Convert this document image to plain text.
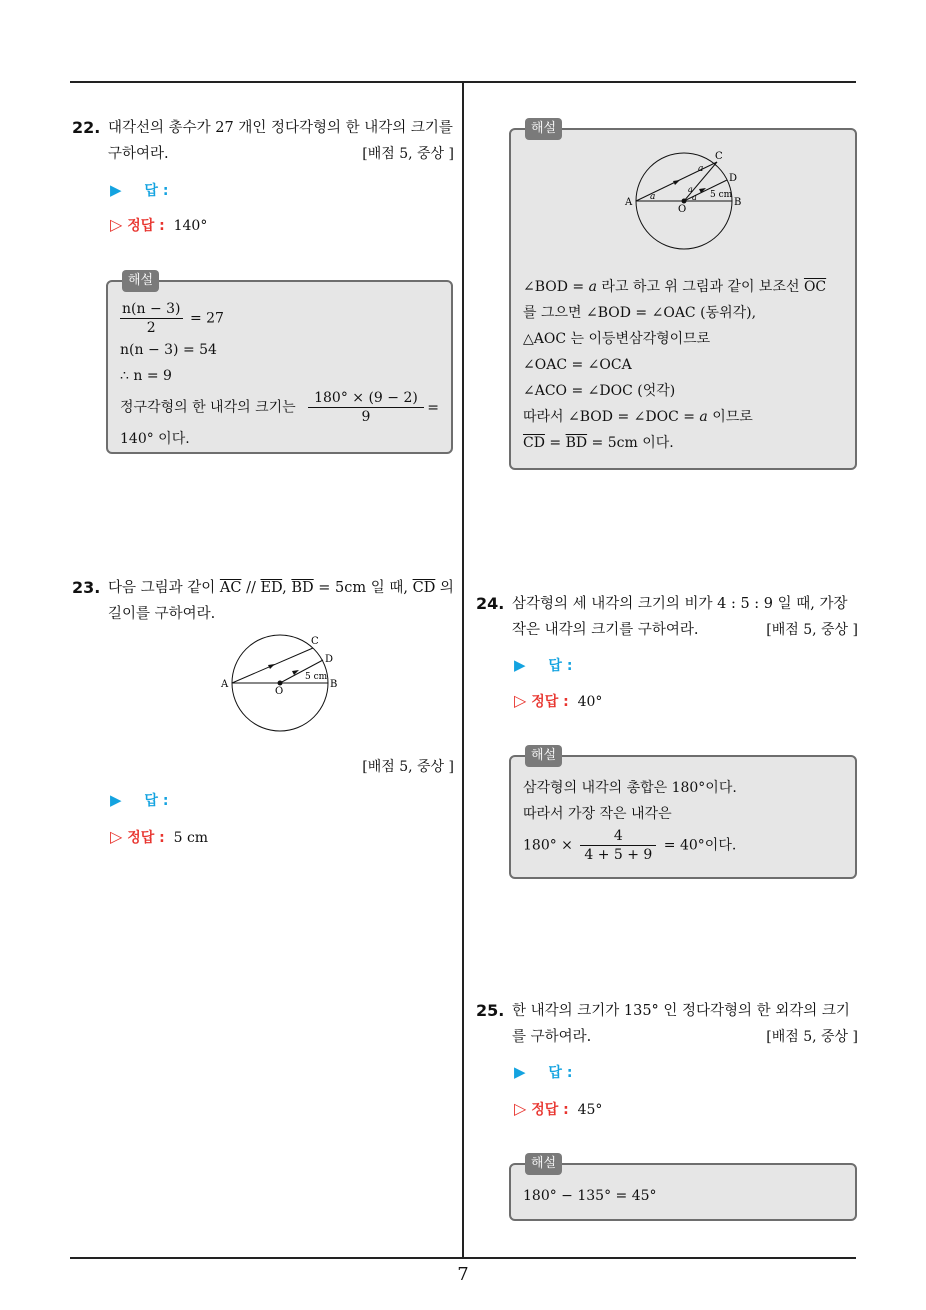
22. 대각선의 총수가 27 개인 정다각형의 한 내각의 크기를 구하여라.	[배점 5, 중상 ]
▶ 답 :
▷ 정답 : 140°
해설
$\frac{n(n - 3)}{2} = 27$
n(n − 3) = 54
∴ n = 9
정구각형의 한 내각의 크기는 $\frac{180^\circ \times (9 - 2)}{9}$ =
140° 이다.
23. 다음 그림과 같이 $\overline{AC} // \overline{ED}$, $\overline{BD} = 5cm$ 일 때, $\overline{CD}$ 의 길이를 구하여라.
A	B
C
D
O
5 cm
[배점 5, 중상 ]
▶ 답 :
▷ 정답 : 5 cm
해설
A	B
C
D
O
5 cm
a
a
a
a
∠BOD = a 라고 하고 위 그림과 같이 보조선 $\overline{OC}$
를 그으면 ∠BOD = ∠OAC (동위각),
△AOC 는 이등변삼각형이므로
∠OAC = ∠OCA
∠ACO = ∠DOC (엇각)
따라서 ∠BOD = ∠DOC = a 이므로
$\overline{CD} = \overline{BD} = 5cm$ 이다.
24. 삼각형의 세 내각의 크기의 비가 4 : 5 : 9 일 때, 가장 작은 내각의 크기를 구하여라.	[배점 5, 중상 ]
▶ 답 :
▷ 정답 : 40°
해설
삼각형의 내각의 총합은 180°이다.
따라서 가장 작은 내각은
$180^\circ \times \frac{4}{4 + 5 + 9} = 40^\circ$이다.
25. 한 내각의 크기가 135° 인 정다각형의 한 외각의 크기를 구하여라.	[배점 5, 중상 ]
▶ 답 :
▷ 정답 : 45°
해설
180° − 135° = 45°
7
